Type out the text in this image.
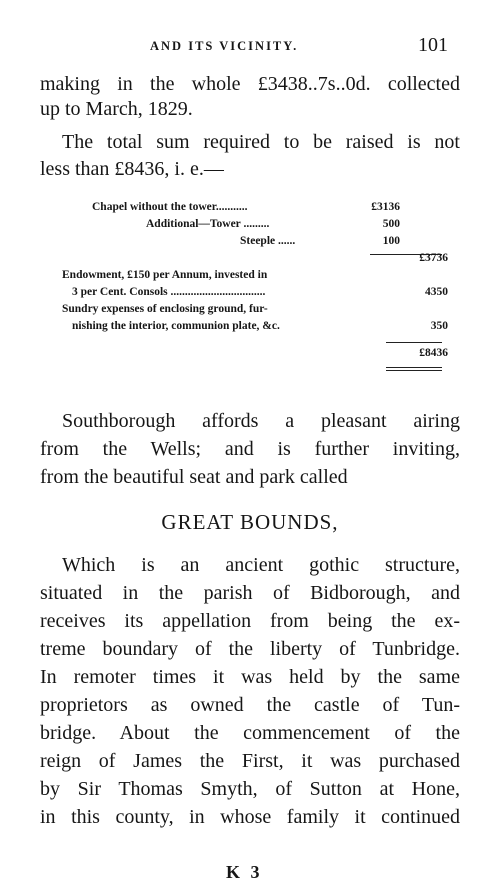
AND ITS VICINITY.	101
making in the whole £3438..7s..0d. collected
up to March, 1829.
The total sum required to be raised is not
less than £8436, i. e.—
Chapel without the tower...........	£3136
Additional—Tower .........	500
Steeple ......	100
£3736
Endowment, £150 per Annum, invested in
3 per Cent. Consols .................................	4350
Sundry expenses of enclosing ground, fur-
nishing the interior, communion plate, &c.	350
£8436
Southborough affords a pleasant airing
from the Wells; and is further inviting,
from the beautiful seat and park called
GREAT BOUNDS,
Which is an ancient gothic structure,
situated in the parish of Bidborough, and
receives its appellation from being the ex-
treme boundary of the liberty of Tunbridge.
In remoter times it was held by the same
proprietors as owned the castle of Tun-
bridge. About the commencement of the
reign of James the First, it was purchased
by Sir Thomas Smyth, of Sutton at Hone,
in this county, in whose family it continued
K 3
